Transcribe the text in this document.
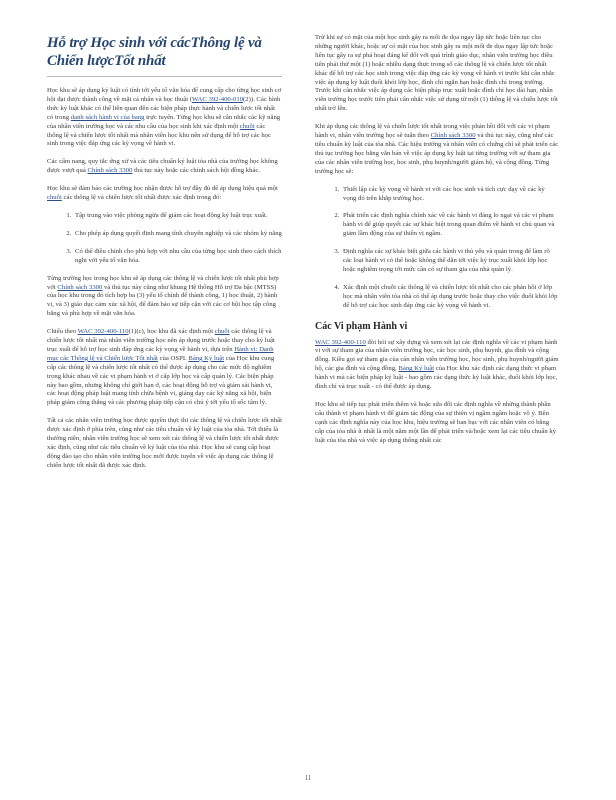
Hỗ trợ Học sinh với cácThông lệ và Chiến lượcTốt nhất

Học khu sẽ áp dụng kỷ luật có tính tới yếu tố văn hóa để cung cấp cho từng học sinh cơ hội đạt được thành công về mặt cá nhân và học thuật (WAC 392-400-010(2)). Các hình thức kỷ luật khác có thể liên quan đến các biện pháp thực hành và chiến lược tốt nhất có trong danh sách hành vi của bang trực tuyến. Từng học khu sẽ cân nhắc các kỹ năng của nhân viên trường học và các nhu cầu của học sinh khi xác định một chuỗi các thông lệ và chiến lược tốt nhất mà nhân viên học khu nên sử dụng để hỗ trợ các học sinh trong việc đáp ứng các kỳ vọng về hành vi.

Các cẩm nang, quy tắc ứng xử và các tiêu chuẩn kỷ luật tòa nhà của trường học không được vượt quá Chính sách 3300 thủ tục này hoặc các chính sách hội đồng khác.

Học khu sẽ đảm bảo các trường học nhận được hỗ trợ đầy đủ để áp dụng hiệu quả một chuỗi các thông lệ và chiến lược tốt nhất được xác định trong đó:

1. Tập trung vào việc phòng ngừa để giảm các hoạt động kỷ luật trục xuất.
2. Cho phép áp dụng quyết định mang tính chuyên nghiệp và các nhóm kỷ năng
3. Có thể điều chỉnh cho phù hợp với nhu cầu của từng học sinh theo cách thích nghi với yếu tố văn hóa.

Từng trường học trong học khu sẽ áp dụng các thông lệ và chiến lược tốt nhất phù hợp với Chính sách 3300 và thủ tục này cũng như khung Hệ thống Hỗ trợ Đa bậc (MTSS) của học khu trong đó tích hợp ba (3) yếu tố chính để thành công, 1) học thuật, 2) hành vi, và 3) giáo dục cảm xúc xã hội, để đảm bảo sự tiếp cận với các cơ hội học tập công bằng và phù hợp về mặt văn hóa.

Chiểu theo WAC 392-400-110(1)(c), học khu đã xác định một chuỗi các thông lệ và chiến lược tốt nhất mà nhân viên trường học nên áp dụng trước hoặc thay cho kỷ luật trục xuất để hỗ trợ học sinh đáp ứng các kỳ vọng về hành vi, dựa trên Hành vi: Danh mục các Thông lệ và Chiến lược Tốt nhất của OSPI. Bảng Kỷ luật của Học khu cung cấp các thông lệ và chiến lược tốt nhất có thể được áp dụng cho các mức độ nghiêm trọng khác nhau về các vi phạm hành vi ở cấp lớp học và cấp quản lý. Các biện pháp này bao gồm, nhưng không chỉ giới hạn ở, các hoạt động hỗ trợ và giám sát hành vi, các hoạt động pháp luật mang tính chữa bệnh vi, giảng dạy các kỹ năng xã hội, biện pháp giám công thắng và các phương pháp tiếp cận có chủ ý tới yếu tố sốc tâm lý.

Tất cả các nhân viên trường học được quyền thực thi các thông lệ và chiến lược tốt nhất được xác định ở phía trên, cũng như các tiêu chuẩn về kỷ luật của tòa nhà. Tới thiểu là thường niên, nhân viên trường học sẽ xem xét các thông lệ và chiến lược tốt nhất được xác định, cũng như các tiêu chuẩn về kỷ luật của tòa nhà. Học khu sẽ cung cấp hoạt động đào tạo cho nhân viên trường học mới được tuyển về việc áp dụng các thông lệ chiến lược tốt nhất đã được xác định.

Trừ khi sự có mặt của một học sinh gây ra mối đe dọa ngay lập tức hoặc liên tục cho những người khác, hoặc sự có mặt của học sinh gây ra một mối đe dọa ngay lập tức hoặc liên tục gây ra sự phá hoại đáng kể đối với quá trình giáo dục, nhân viên trường học điều tiên phải thử một (1) hoặc nhiều dạng thực trong số các thông lệ và chiến lược tốt nhất khác để hỗ trợ các học sinh trong việc đáp ứng các kỳ vọng về hành vi trước khi cân nhắc việc áp dụng kỷ luật đuổi khỏi lớp học, đình chỉ ngắn hạn hoặc đình chỉ trong trường. Trước khi cân nhắc việc áp dụng các biện pháp trục xuất hoặc đình chỉ học dài hạn, nhân viên trường học trước tiên phải cân nhắc việc sử dụng từ một (1) thông lệ và chiến lược tốt nhất trở lên.

Khi áp dụng các thông lệ và chiến lược tốt nhất trong việc phản hồi đối với các vi phạm hành vi, nhân viên trường học sẽ tuân theo Chính sách 3300 và thủ tục này, cũng như các tiêu chuẩn kỷ luật của tòa nhà. Các hiệu trưởng và nhân viên có chứng chỉ sẽ phát triển các thủ tục trường học bằng văn bản về việc áp dụng kỷ luật tại từng trường với sự tham gia của các nhân viên trường học, học sinh, phụ huynh/người giám hộ, và cộng đồng. Từng trường học sẽ:

1. Thiết lập các kỳ vọng về hành vi với các học sinh và tích cực dạy về các kỳ vọng đó trên khắp trường học.
2. Phát triển các định nghĩa chính xác về các hành vi đáng lo ngại và các vi phạm hành vi để giúp quyết các sự khác biệt trong quan điểm về hành vi chủ quan và giảm lầm động của sự thiên vị ngầm.
3. Định nghĩa các sự khác biệt giữa các hành vi thủ yêu và quản trong để làm rõ các loại hành vi có thể hoặc không thể dẫn tới việc kỷ trục xuất khỏi lớp học hoặc nghiêm trọng tới mức cần có sự tham gia của nhà quản lý.
4. Xác định một chuỗi các thông lệ và chiến lược tốt nhất cho các phản hồi ở lớp học mà nhân viên tòa nhà có thể áp dụng trước hoặc thay cho việc đuổi khỏi lớp để hỗ trợ các học sinh đáp ứng các kỳ vọng về hành vi.
Các Vi phạm Hành vi

WAC 392-400-110 đòi hỏi sự xây dựng và xem xét lại các định nghĩa về các vi phạm hành vi với sự tham gia của nhân viên trường học, các học sinh, phụ huynh, gia đình và cộng đồng. Kiều gọi sự tham gia của cán nhân viên trường học, học sinh, phụ huynh/người giám hộ, các gia đình và cộng đồng, Bảng Kỷ luật của Học khu xác định các dạng thức vi phạm hành vi mà các biện pháp kỷ luật - bao gồm các dạng thức kỷ luật khác, đuổi khỏi lớp học, đình chỉ và trục xuất - có thể được áp dụng.

Học khu sẽ tiếp tục phát triển thêm và hoặc sửa đổi các định nghĩa về những thành phần cấu thành vi phạm hành vi để giảm tác động của sự thiên vị ngầm ngầm hoặc vô ý. Bên cạnh các định nghĩa này của học khu, hiệu trưởng sẽ ban bạc với các nhân viên có bằng cấp của tòa nhà ít nhất là một năm một lần để phát triển và/hoặc xem lại các tiêu chuẩn kỷ luật của tòa nhà và việc áp dụng thống nhất các

11
